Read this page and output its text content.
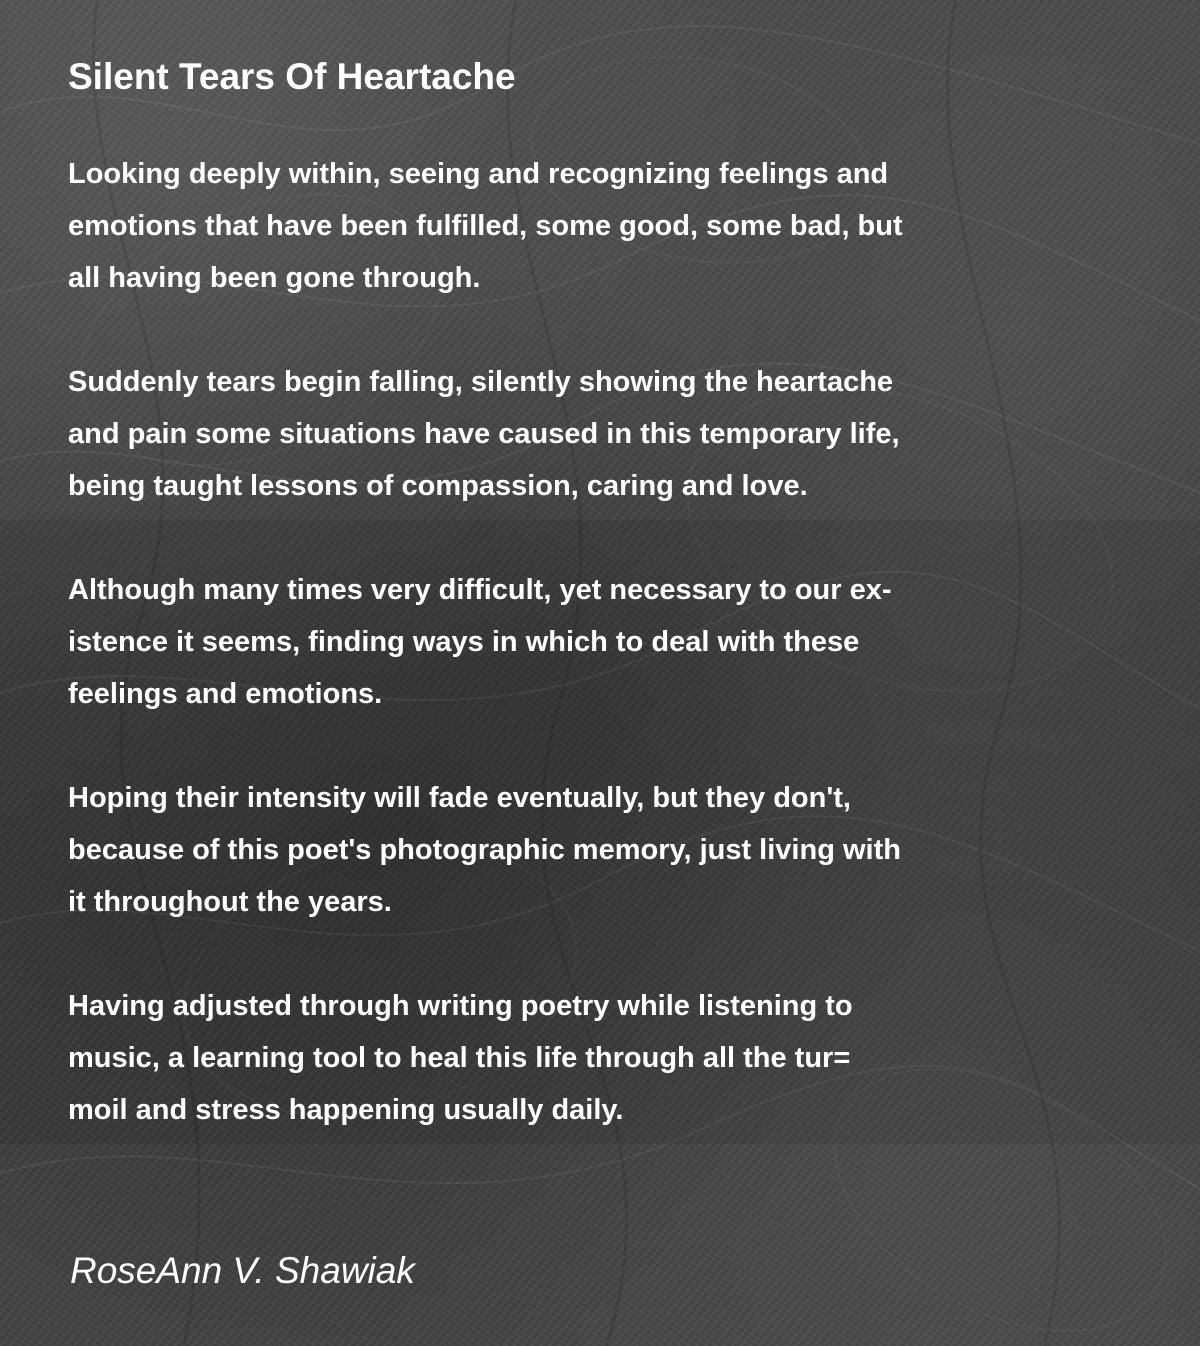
Silent Tears Of Heartache

Looking deeply within, seeing and recognizing feelings and
emotions that have been fulfilled, some good, some bad, but
all having been gone through.

Suddenly tears begin falling, silently showing the heartache
and pain some situations have caused in this temporary life,
being taught lessons of compassion, caring and love.

Although many times very difficult, yet necessary to our ex-
istence it seems, finding ways in which to deal with these
feelings and emotions.

Hoping their intensity will fade eventually, but they don't,
because of this poet's photographic memory, just living with
it throughout the years.

Having adjusted through writing poetry while listening to
music, a learning tool to heal this life through all the tur=
moil and stress happening usually daily.

RoseAnn V. Shawiak
